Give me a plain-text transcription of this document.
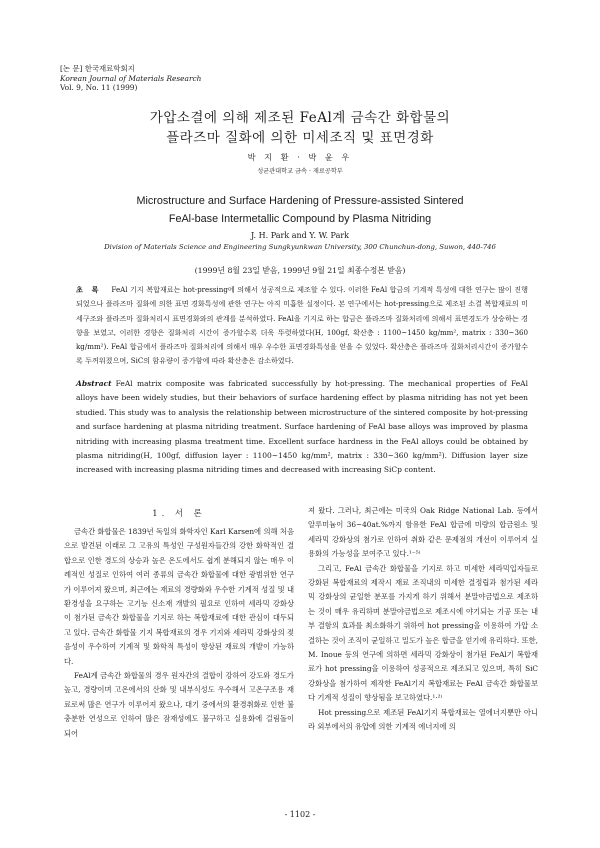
[논 문] 한국재료학회지
Korean Journal of Materials Research
Vol. 9, No. 11 (1999)
가압소결에 의해 제조된 FeAl계 금속간 화합물의
플라즈마 질화에 의한 미세조직 및 표면경화
박 지 환 · 박 윤 우
성균관대학교 금속 · 재료공학부
Microstructure and Surface Hardening of Pressure-assisted Sintered
FeAl-base Intermetallic Compound by Plasma Nitriding
J. H. Park and Y. W. Park
Division of Materials Science and Engineering Sungkyunkwan University, 300 Chunchun-dong, Suwon, 440-746
(1999년 8월 23일 받음, 1999년 9월 21일 최종수정본 받음)
초 록 FeAl 기지 복합재료는 hot-pressing에 의해서 성공적으로 제조할 수 있다. 이러한 FeAl 합금의 기계적 특성에 대한 연구는 많이 진행되었으나 플라즈마 질화에 의한 표면 경화특성에 관한 연구는 아직 미흡한 실정이다. 본 연구에서는 hot-pressing으로 제조된 소결 복합재료의 미세구조와 플라즈마 질화처리시 표면경화와의 관계를 분석하였다. FeAl을 기지로 하는 합금은 플라즈마 질화처리에 의해서 표면경도가 상승하는 경향을 보였고, 이러한 경향은 질화처리 시간이 증가할수록 더욱 뚜렷하였다(H, 100gf, 확산층 : 1100~1450 kg/mm², matrix : 330~360 kg/mm²). FeAl 합금에서 플라즈마 질화처리에 의해서 매우 우수한 표면경화특성을 얻을 수 있었다. 확산층은 플라즈마 질화처리시간이 증가할수록 두꺼워졌으며, SiC의 함유량이 증가함에 따라 확산층은 감소하였다.
Abstract FeAl matrix composite was fabricated successfully by hot-pressing. The mechanical properties of FeAl alloys have been widely studies, but their behaviors of surface hardening effect by plasma nitriding has not yet been studied. This study was to analysis the relationship between microstructure of the sintered composite by hot-pressing and surface hardening at plasma nitriding treatment. Surface hardening of FeAl base alloys was improved by plasma nitriding with increasing plasma treatment time. Excellent surface hardness in the FeAl alloys could be obtained by plasma nitriding(H, 100gf, diffusion layer : 1100~1450 kg/mm², matrix : 330~360 kg/mm²). Diffusion layer size increased with increasing plasma nitriding times and decreased with increasing SiCp content.
1. 서 론

금속간 화합물은 1839년 독일의 화학자인 Karl Karsen에 의해 처음으로 발견된 이래로 그 고유의 특성인 구성원자들간의 강한 화학적인 결합으로 인한 경도의 상승과 높은 온도에서도 쉽게 분해되지 않는 매우 이례적인 성질로 인하여 여러 종류의 금속간 화합물에 대한 광범위한 연구가 이루어져 왔으며, 최근에는 재료의 경량화와 우수한 기계적 성질 및 내환경성을 요구하는 고기능 신소재 개발의 필요로 인하여 세라믹 강화상이 첨가된 금속간 화합물을 기지로 하는 복합재료에 대한 관심이 대두되고 있다. 금속간 화합물 기지 복합재료의 경우 기지와 세라믹 강화상의 젖음성이 우수하여 기계적 및 화학적 특성이 향상된 재료의 개발이 가능하다.

FeAl계 금속간 화합물의 경우 원자간의 결합이 강하여 강도와 경도가 높고, 경량이며 고온에서의 산화 및 내부식성도 우수해서 고온구조용 재료로써 많은 연구가 이루어져 왔으나, 대기 중에서의 환경취화로 인한 불충분한 연성으로 인하여 많은 잠재성에도 불구하고 실용화에 걸림돌이 되어

져 왔다. 그러나, 최근에는 미국의 Oak Ridge National Lab. 등에서 알루미늄이 36~40at.%까지 함유한 FeAl 합금에 미량의 합금원소 및 세라믹 강화상의 첨가로 인하여 취화 같은 문제점의 개선이 이루어져 실용화의 가능성을 보여주고 있다.¹⁻⁵⁾

그리고, FeAl 금속간 화합물을 기지로 하고 미세한 세라믹입자들로 강화된 복합재료의 제작시 재료 조직내의 미세한 결정립과 첨가된 세라믹 강화상의 균일한 분포를 가지게 하기 위해서 분말야금법으로 제조하는 것이 매우 유리하며 분말야금법으로 제조시에 야기되는 기공 또는 내부 결함의 효과를 최소화하기 위하여 hot pressing을 이용하여 가압 소결하는 것이 조직이 균일하고 밀도가 높은 합금을 얻기에 유리하다. 또한, M. Inoue 등의 연구에 의하면 세라믹 강화상이 첨가된 FeAl기 복합재료가 hot pressing을 이용하여 성공적으로 제조되고 있으며, 특히 SiC 강화상을 첨가하여 제작한 FeAl기지 복합재료는 FeAl 금속간 화합물보다 기계적 성질이 향상됨을 보고하였다.¹·²⁾

Hot pressing으로 제조된 FeAl기지 복합재료는 열에너지뿐만 아니라 외부에서의 유압에 의한 기계적 에너지에 의

- 1102 -
